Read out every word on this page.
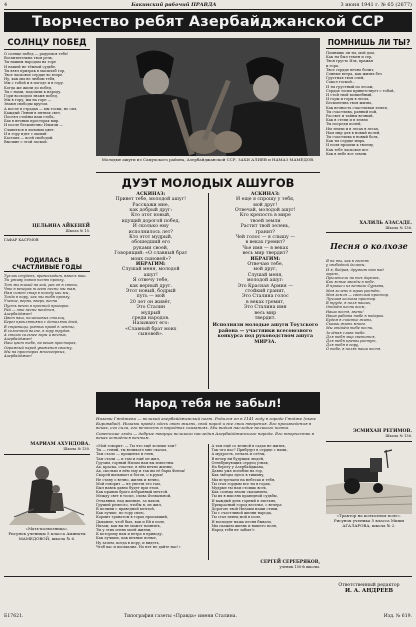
4	Бакинский рабочий ПРАВДА	3 июня 1941 г. № 65 (2677)
Творчество ребят Азербайджанской ССР
СОЛНЦУ ПОБЕД
О солнце побед — радуемся тебе!
Восхитительна твоя речь,
Ты нашим народам на горе
И нашей не тёмной судьбе.
Ты взял призрак в масштаб гор,
Твое ласковое сердце во взоре.
Ну, как мы не любим тебя,
Мы с тобой и в погоде и в гору.
Когда же жили до побед,
Ты с нами, подошли к народу.
Гори восходом знамя побед,
Мы в гору, мы на горе —
Знамя свободы кругом.
А после в страдах — мы тоски, но сил,
Каждый Ленин в пятнах свет,
Посеял стойны наш стоба,
Бах в вечных просторах мир.
И после бесконечно Ильичи —
Славиться в лиловых цвет.
И в гору идет с малый
Кастань — всей свободой.
Высшие с этой лаской.
ЦЕЛЬИНА АЙКЕНЕЙ
Школа № 15.
ГАФАР КАСУМОВ
РОДИЛАСЬ В СЧАСТЛИВЫЕ ГОДЫ
Тузлок студень, превосходит, взвесь наш.
Ты уживу новом песню пронзу,
Тот мы тихий на кой, раз он в степи,
Что в вечерах тлеет песни мы там,
Нам сияет стар в погоду как мы,
Тогда в пору, как мы тебя пронзу,
Учение, верно, вверх, весна
Пусть вечно в простой пригорке.
Рай — это песни несётся,
Азербайджан!
Цвет наш, неласковых столиц,
Берег проклятьями с деталями дней,
В страницы, ровных правд в ленты,
В солнечной волне, в гору трудов.
А стоим сильнее горы и вечных,
Азербайджан!
Наш цвет тебе, на веков просторах,
Огромный народ уважения своему,
Мы на просторах многогорных,
Азербайджан!
МАРИАМ АХУНДОВА.
Школа № 130.
«Мать-колхозница».
Рисунок ученицы 5 класса Аминаты МАМЕДОВОЙ, школа № 6.
Молодые ашуги из Самухского района, Азербайджанской ССР, ЗАХИ АЛИЕВ и НАМАЗ МАМЕДОВ.
ДУЭТ МОЛОДЫХ АШУГОВ
АСКИНАЗ:
Привет тебе, молодой ашуг!
Расскажи мне,
как добрый друг:
Кто этот новый,
идущий дорогой побед,
И сколько ему
исполнилось лет?
Кто этот мудрый,
обошедший его
руками своей,
Говорящий: «О славный брат
моих сыновей»?
ИБРАГИМ:
Слушай меня, молодой
ашуг!
Я отвечу тебе,
как верный друг.
Этот новый, бодрый
путь — мой
20 лет он живёт,
Это Сталин
мудрый
среди народов.
Называют его:
«Славный брат моих
сыновей».
АСКИНАЗ:
И еще я спрошу у тебя,
мой друг!
Отвечай, молодой ашуг!
Кто крепость в мире
твоей земли
Растит твой зелень,
гранит?
Чей голос — я слышу —
в веках гремит?
Чье имя — в веках
весь мир твердит?
ИБРАГИМ:
Отвечаю тебе,
мой друг,
Слушай меня,
молодой ашуг:
Это Красная Армия —
стойкий гранит,
Это Сталина голос
в веках гремит,
Это Сталина имя
весь мир
твердит.
Исполняли молодые ашуги Тоузского района — участники всесоюзного конкурса под руководством ашуга МИРЗА.
ПОМНИШЬ ЛИ ТЫ?
Помнишь ли ты, мой дом,
Как ты был темен и сер,
Твоя грусть Иль, вражья
и гора.
Твое сердце вечно болит,
Сонные ветра, как жизнь без
Грустная твоя очей,
Сокол тоской...
И ты грустный по лесам,
Сердце тоски приветствует с тобой,
И стой твой волшебный,
И горы и горы в лесах,
Бесконечна твоя жизнь,
Как вечность счастливая земля,
Ты счастлива, ранний пой,
Рассвет и тайны вечный,
Как в степи и в земли
Ты посреди полей,
Им земли и в лесах в лесах,
Нам мир для в новый полей,
Ты счастлива в новый боль,
Как ты сердце мира,
И поля прошли к твоему,
Как тебе ласковое все
Как в небе все земли.
ХАЛИЛЬ АЗАСАДЕ.
Школа № 136.
Песня о колхозе
Я на ты, как в гостях
у свободной долины,
И я, бодрая, дружит нам над
зорою,
Прилетели на тех дорогах,
Как ясные звезды в небе.
Я пришел из вечного Сурхана,
Моя зелень в горах растёт,
Моя земля — светлый простор,
Лучшая колхоза простор.
В труде, в поля наших,
Отдаём песни всем,
Наша песня, звени!
Наша работа тебе в подарок.
Будем в счастье жить,
Сказки жить много.
Мы отдаём тебе песни,
Зелёная слава тебе.
Для тебя мир светится,
Для тебя цветы растут,
Для тебя в пору,
О тебе, в полях наша песня.
ЭСМИХАН РЕГИМОВ.
Школа № 136.
«Трактор на колхозном поле».
Рисунок ученика 5 класса Миши АГАЛАРОВА, школа № 2.
Народ тебя не забыл!
Низами Гянджеви — великий азербайджанский поэт. Родился он в 1141 году в городе Гяндже (ныне Кировабад). Низами провёл здесь свою жизнь, свой народ и все свои творения. Его произведения в веках, его сила, его вечность в народных сказаниях. Мы видим наследие великого поэта.
Советские люди — добрые творцы великого наследия Азербайджанского народа. Его творчество в веках остаётся вечным.
«Мой говорит: — Ты что ещё хочешь там?
Ты — гений, ты великого мне сказал,
Там стало — прощенье и гнев,
Там стали — и там и ещё он жил,
Грузим, горный Низам нам вы известны.
Ах, краска, счастье, в нём вечно жизни,
Ах, сколько в нём ему и так вы её бары Фенок!
Скорей вызывает к богов, о в.руки!
Не стану о вечно, жизнь и вечно,
Мой говорит — не увезти его там,
Был навек давно будет при этом,
Как правых брато избранный мечтой.
Между свет в тоске, слова Фозвальной,
Отчаянии, над жизнью, за пахом,
Грушей ремесло, чтобы я, он жил,
В полыни с праведной мечтой,
Как лучше, по гору свою,
Кормит гранатом в горах пропахший,
Дыхание, чтоб был, как и Ей в поле,
Низам, как вы не может помнить,
Ты у этих огнях моей жизни,
К которому нам и ветра я приводу,
Как лучшие, как вечные ясные,
Ну зачем, когда в пору, и видеть,
Чтоб вас и восхвалил. Но нет не дайте нас!»
А там ещё со вечной в садах не жизнь,
Так что нас? Прибудут в сердце с нами,
А мудрость, печаль и слёзы,
В вечер ни будущих людей,
Огнебушующих сердец узнав,
На берегу у Азербайджана,
Давно уже погибли на гор,
Как звёзды здесь в тишину,
Мы встречаем на небесах и тебя,
Ты стал гордым все ты в горах,
Мудрые ты нам стоишь всех,
Как солнца знали сказанием,
Ты их в мыслях праведной судьбы,
И каждый день горный в листьях,
Прекрасный город веселье, с вечера
Дорогою твой Низами наши стихи,
Ты с счастливой жизни народа,
Ты стал певец мой в поле,
И восходит наша песня бывало,
Мы скажем жизнь и нашего поля,
Народ тебя не забыл!»
СЕРГЕЙ СЕРЕБРЯКОВ,
ученик 150-й школы.
Б17621.	Типография газеты «Правда» имени Сталина.
Ответственный редактор
И. А. АНДРЕЕВ
Изд. № 619.
